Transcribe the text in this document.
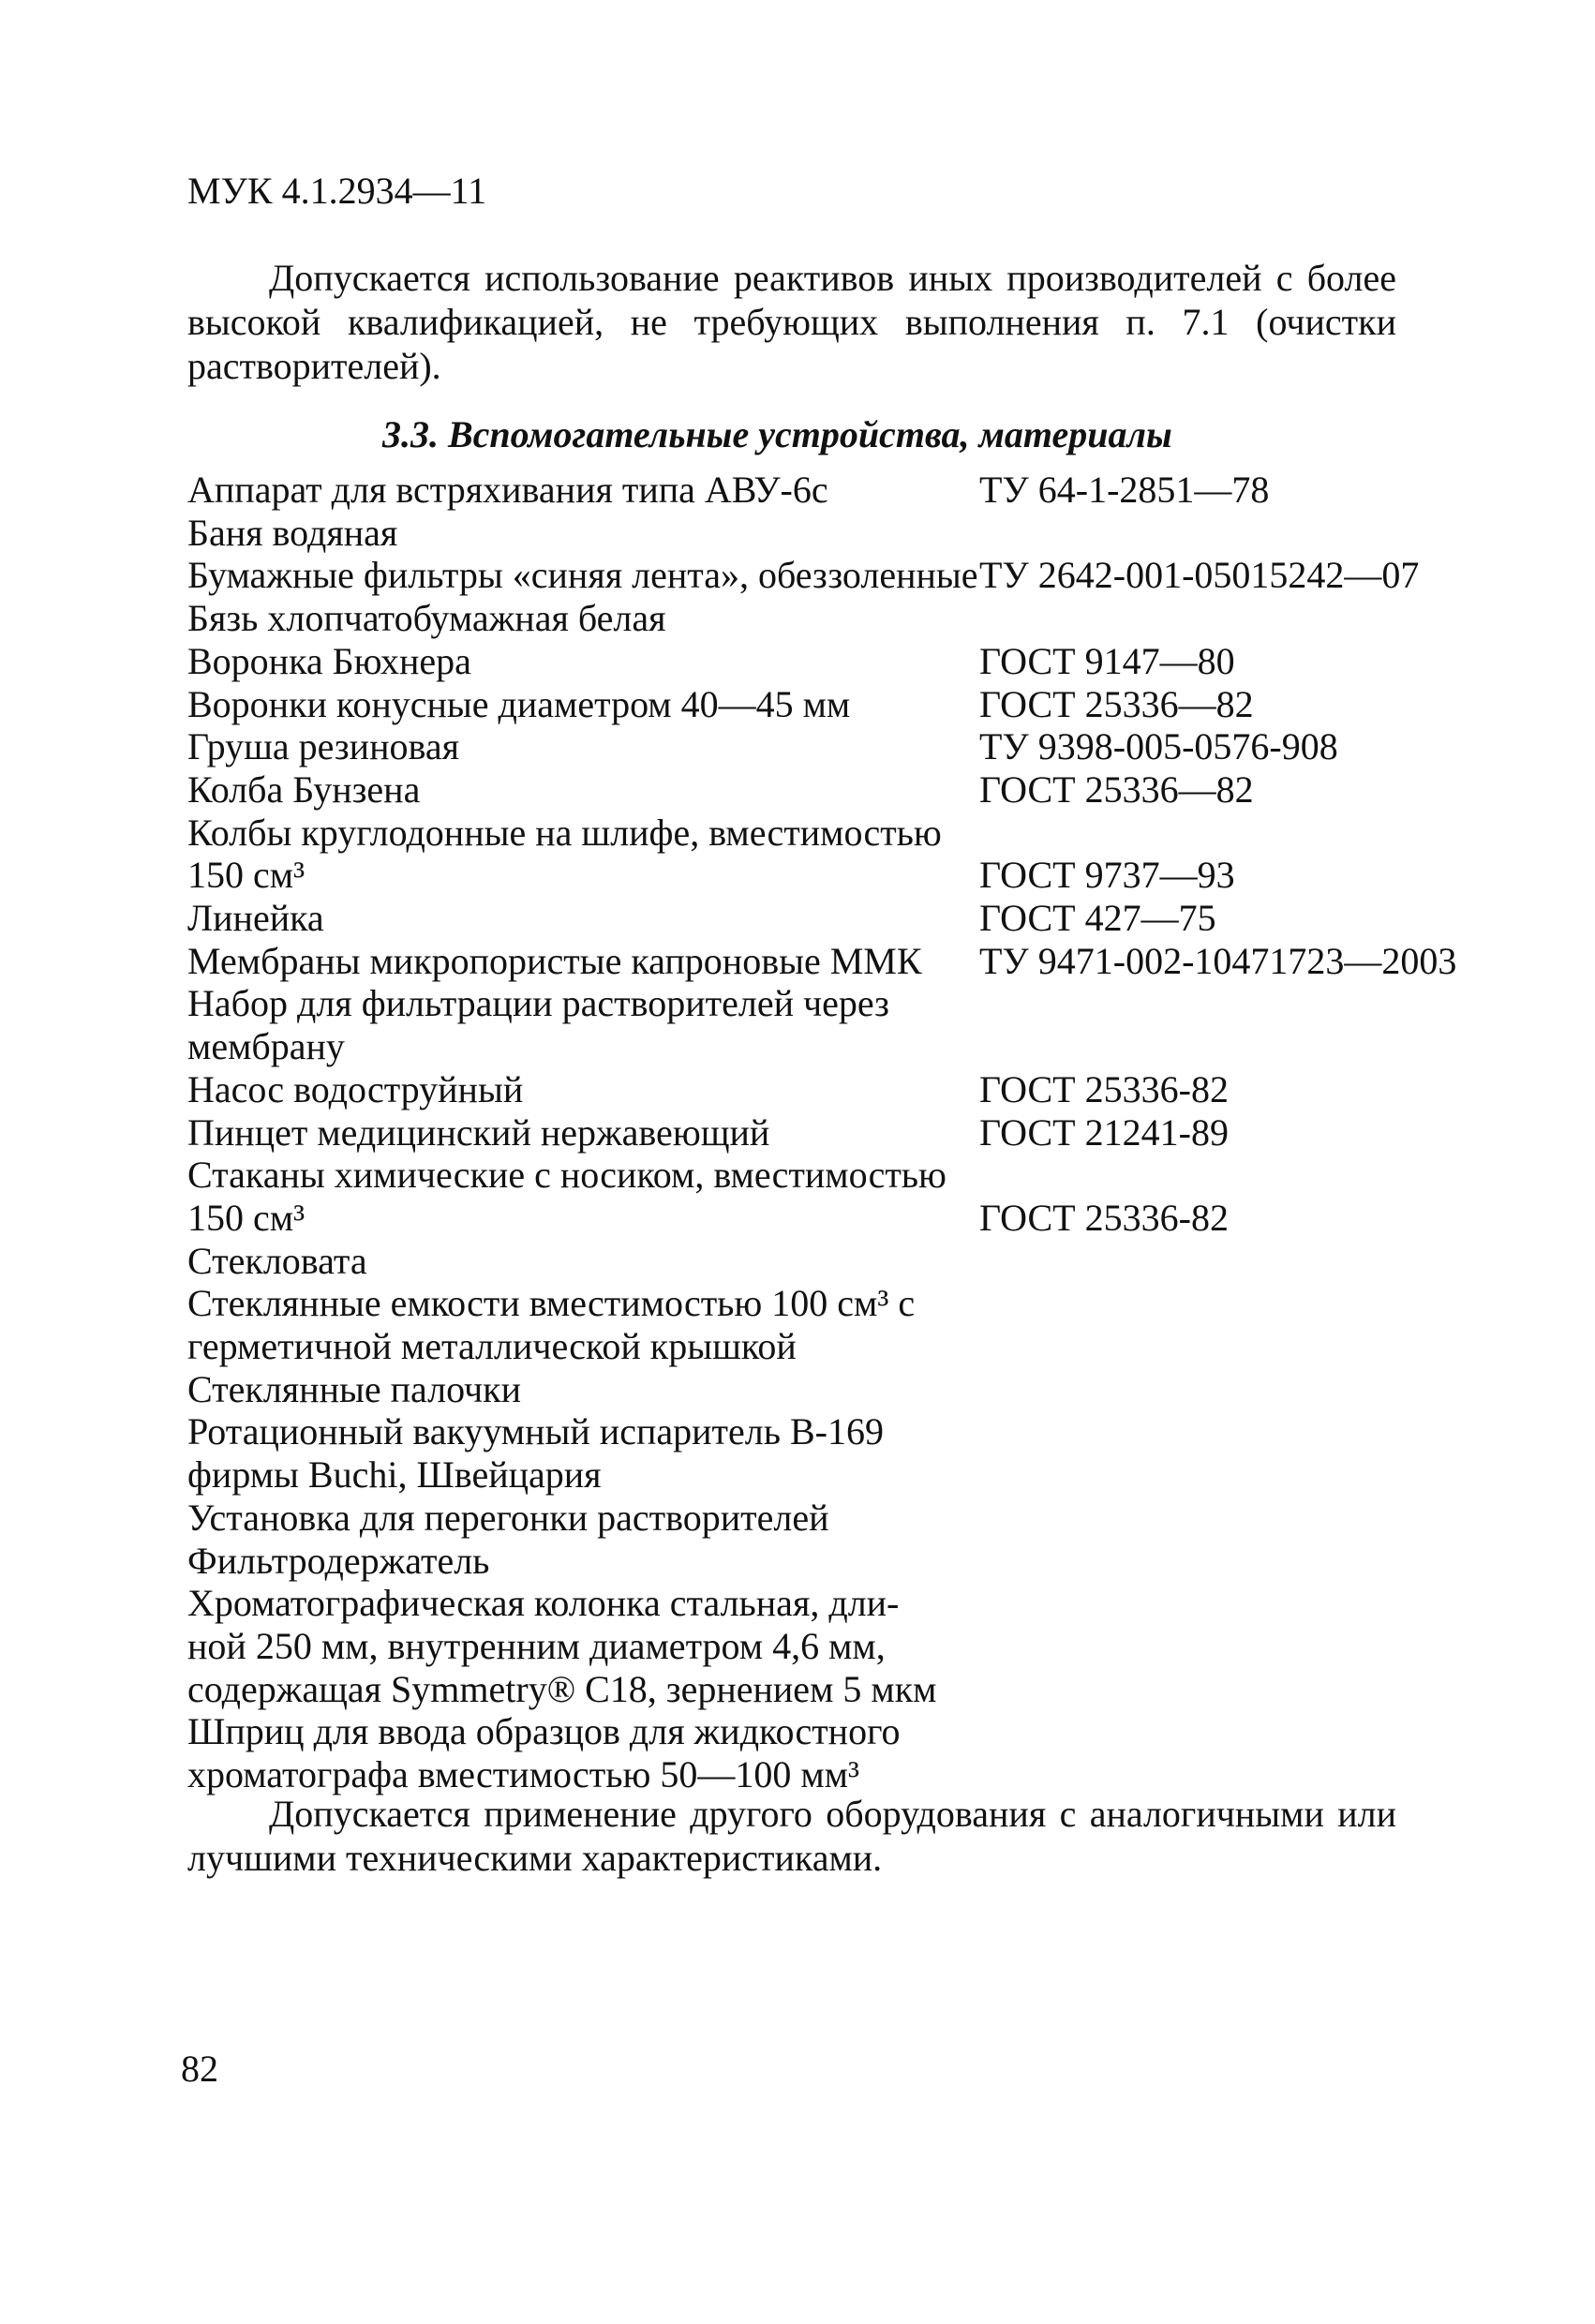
МУК 4.1.2934—11
Допускается использование реактивов иных производителей с более высокой квалификацией, не требующих выполнения п. 7.1 (очистки растворителей).
3.3. Вспомогательные устройства, материалы
Аппарат для встряхивания типа АВУ-6с	ТУ 64-1-2851—78
Баня водяная
Бумажные фильтры «синяя лента», обеззоленные ТУ 2642-001-05015242—07
Бязь хлопчатобумажная белая
Воронка Бюхнера	ГОСТ 9147—80
Воронки конусные диаметром 40—45 мм	ГОСТ 25336—82
Груша резиновая	ТУ 9398-005-0576-908
Колба Бунзена	ГОСТ 25336—82
Колбы круглодонные на шлифе, вместимостью
150 см³	ГОСТ 9737—93
Линейка	ГОСТ 427—75
Мембраны микропористые капроновые ММК	ТУ 9471-002-10471723—2003
Набор для фильтрации растворителей через
мембрану
Насос водоструйный	ГОСТ 25336-82
Пинцет медицинский нержавеющий	ГОСТ 21241-89
Стаканы химические с носиком, вместимостью
150 см³	ГОСТ 25336-82
Стекловата
Стеклянные емкости вместимостью 100 см³ с
герметичной металлической крышкой
Стеклянные палочки
Ротационный вакуумный испаритель В-169
фирмы Buchi, Швейцария
Установка для перегонки растворителей
Фильтродержатель
Хроматографическая колонка стальная, дли-
ной 250 мм, внутренним диаметром 4,6 мм,
содержащая Symmetry® C18, зернением 5 мкм
Шприц для ввода образцов для жидкостного
хроматографа вместимостью 50—100 мм³
Допускается применение другого оборудования с аналогичными или лучшими техническими характеристиками.
82
